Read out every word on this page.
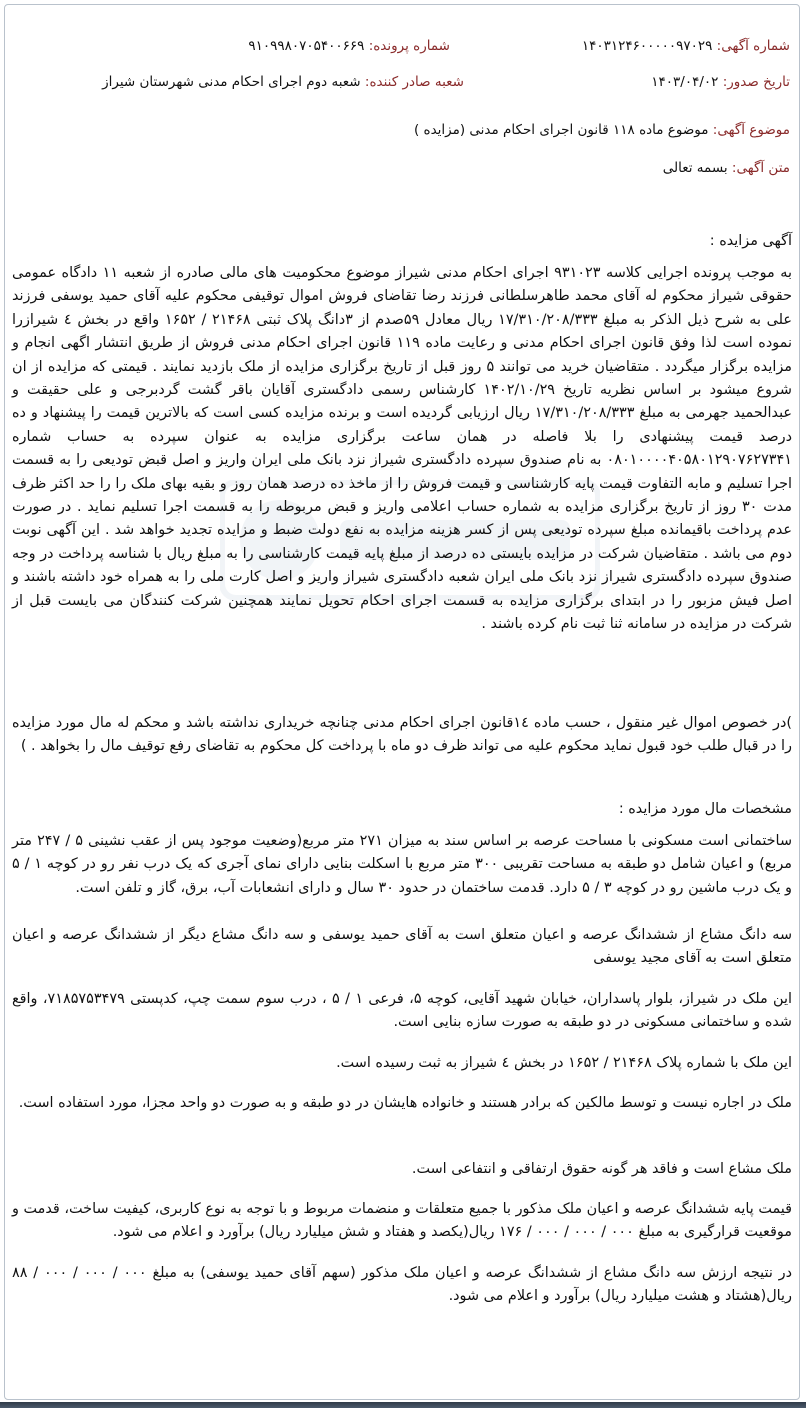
شماره آگهی: ۱۴۰۳۱۲۴۶۰۰۰۰۰۹۷۰۲۹
شماره پرونده: ۹۱۰۹۹۸۰۷۰۵۴۰۰۶۶۹
تاریخ صدور: ۱۴۰۳/۰۴/۰۲
شعبه صادر کننده: شعبه دوم اجرای احکام مدنی شهرستان شیراز
موضوع آگهی: موضوع ماده ۱۱۸ قانون اجرای احکام مدنی (مزایده )
متن آگهی: بسمه تعالی

آگهی مزایده :

به موجب پرونده اجرایی کلاسه ۹۳۱۰۲۳ اجرای احکام مدنی شیراز موضوع محکومیت های مالی صادره از شعبه ۱۱ دادگاه عمومی حقوقی شیراز محکوم له آقای محمد طاهرسلطانی فرزند رضا تقاضای فروش اموال توقیفی محکوم علیه آقای حمید یوسفی فرزند علی به شرح ذیل الذکر به مبلغ ۱۷/۳۱۰/۲۰۸/۳۳۳ ریال معادل ۵۹صدم از ۳دانگ پلاک ثبتی ۲۱۴۶۸ / ۱۶۵۲ واقع در بخش ٤ شیرازرا نموده است لذا وفق قانون اجرای احکام مدنی و رعایت ماده ۱۱۹ قانون اجرای احکام مدنی فروش از طریق انتشار اگهی انجام و مزایده برگزار میگردد . متقاضیان خرید می توانند ۵ روز قبل از تاریخ برگزاری مزایده از ملک بازدید نمایند . قیمتی که مزایده از ان شروع میشود بر اساس نظریه تاریخ ۱۴۰۲/۱۰/۲۹ کارشناس رسمی دادگستری آقایان باقر گشت گردبرجی و علی حقیقت و عبدالحمید جهرمی به مبلغ ۱۷/۳۱۰/۲۰۸/۳۳۳ ریال ارزیابی گردیده است و برنده مزایده کسی است که بالاترین قیمت را پیشنهاد و ده درصد قیمت پیشنهادی را بلا فاصله در همان ساعت برگزاری مزایده به عنوان سپرده به حساب شماره ۰۸۰۱۰۰۰۰۴۰۵۸۰۱۲۹۰۷۶۲۷۳۴۱ به نام صندوق سپرده دادگستری شیراز نزد بانک ملی ایران واریز و اصل قبض تودیعی را به قسمت اجرا تسلیم و مابه التفاوت قیمت پایه کارشناسی و قیمت فروش را از ماخذ ده درصد همان روز و بقیه بهای ملک را را حد اکثر ظرف مدت ۳۰ روز از تاریخ برگزاری مزایده به شماره حساب اعلامی واریز و قبض مربوطه را به قسمت اجرا تسلیم نماید . در صورت عدم پرداخت باقیمانده مبلغ سپرده تودیعی پس از کسر هزینه مزایده به نفع دولت ضبط و مزایده تجدید خواهد شد . این آگهی نوبت دوم می باشد . متقاضیان شرکت در مزایده بایستی ده درصد از مبلغ پایه قیمت کارشناسی را به مبلغ ریال با شناسه پرداخت در وجه صندوق سپرده دادگستری شیراز نزد بانک ملی ایران شعبه دادگستری شیراز واریز و اصل کارت ملی را به همراه خود داشته باشند و اصل فیش مزبور را در ابتدای برگزاری مزایده به قسمت اجرای احکام تحویل نمایند همچنین شرکت کنندگان می بایست قبل از شرکت در مزایده در سامانه ثنا ثبت نام کرده باشند .

)در خصوص اموال غیر منقول ، حسب ماده ١٤قانون اجرای احکام مدنی چنانچه خریداری نداشته باشد و محکم له مال مورد مزایده را در قبال طلب خود قبول نماید محکوم علیه می تواند ظرف دو ماه با پرداخت کل محکوم به تقاضای رفع توقیف مال را بخواهد . )

مشخصات مال مورد مزایده :

ساختمانی است مسکونی با مساحت عرصه بر اساس سند به میزان ۲۷۱ متر مربع(وضعیت موجود پس از عقب نشینی ۵ / ۲۴۷ متر مربع) و اعیان شامل دو طبقه به مساحت تقریبی ۳۰۰ متر مربع با اسکلت بنایی دارای نمای آجری که یک درب نفر رو در کوچه ۱ / ۵ و یک درب ماشین رو در کوچه ۳ / ۵ دارد. قدمت ساختمان در حدود ۳۰ سال و دارای انشعابات آب، برق، گاز و تلفن است.

سه دانگ مشاع از ششدانگ عرصه و اعیان متعلق است به آقای حمید یوسفی و سه دانگ مشاع دیگر از ششدانگ عرصه و اعیان متعلق است به آقای مجید یوسفی

این ملک در شیراز، بلوار پاسداران، خیابان شهید آقایی، کوچه ۵، فرعی ۱ / ۵ ، درب سوم سمت چپ، کدپستی ۷۱۸۵۷۵۳۴۷۹، واقع شده و ساختمانی مسکونی در دو طبقه به صورت سازه بنایی است.

این ملک با شماره پلاک ۲۱۴۶۸ / ۱۶۵۲ در بخش ٤ شیراز به ثبت رسیده است.

ملک در اجاره نیست و توسط مالکین که برادر هستند و خانواده هایشان در دو طبقه و به صورت دو واحد مجزا، مورد استفاده است.

ملک مشاع است و فاقد هر گونه حقوق ارتفاقی و انتفاعی است.

قیمت پایه ششدانگ عرصه و اعیان ملک مذکور با جمیع متعلقات و منضمات مربوط و با توجه به نوع کاربری، کیفیت ساخت، قدمت و موقعیت قرارگیری به مبلغ ۰۰۰ / ۰۰۰ / ۰۰۰ / ۱۷۶ ریال(یکصد و هفتاد و شش میلیارد ریال) برآورد و اعلام می شود.

در نتیجه ارزش سه دانگ مشاع از ششدانگ عرصه و اعیان ملک مذکور (سهم آقای حمید یوسفی) به مبلغ ۰۰۰ / ۰۰۰ / ۰۰۰ / ۸۸ ریال(هشتاد و هشت میلیارد ریال) برآورد و اعلام می شود.
